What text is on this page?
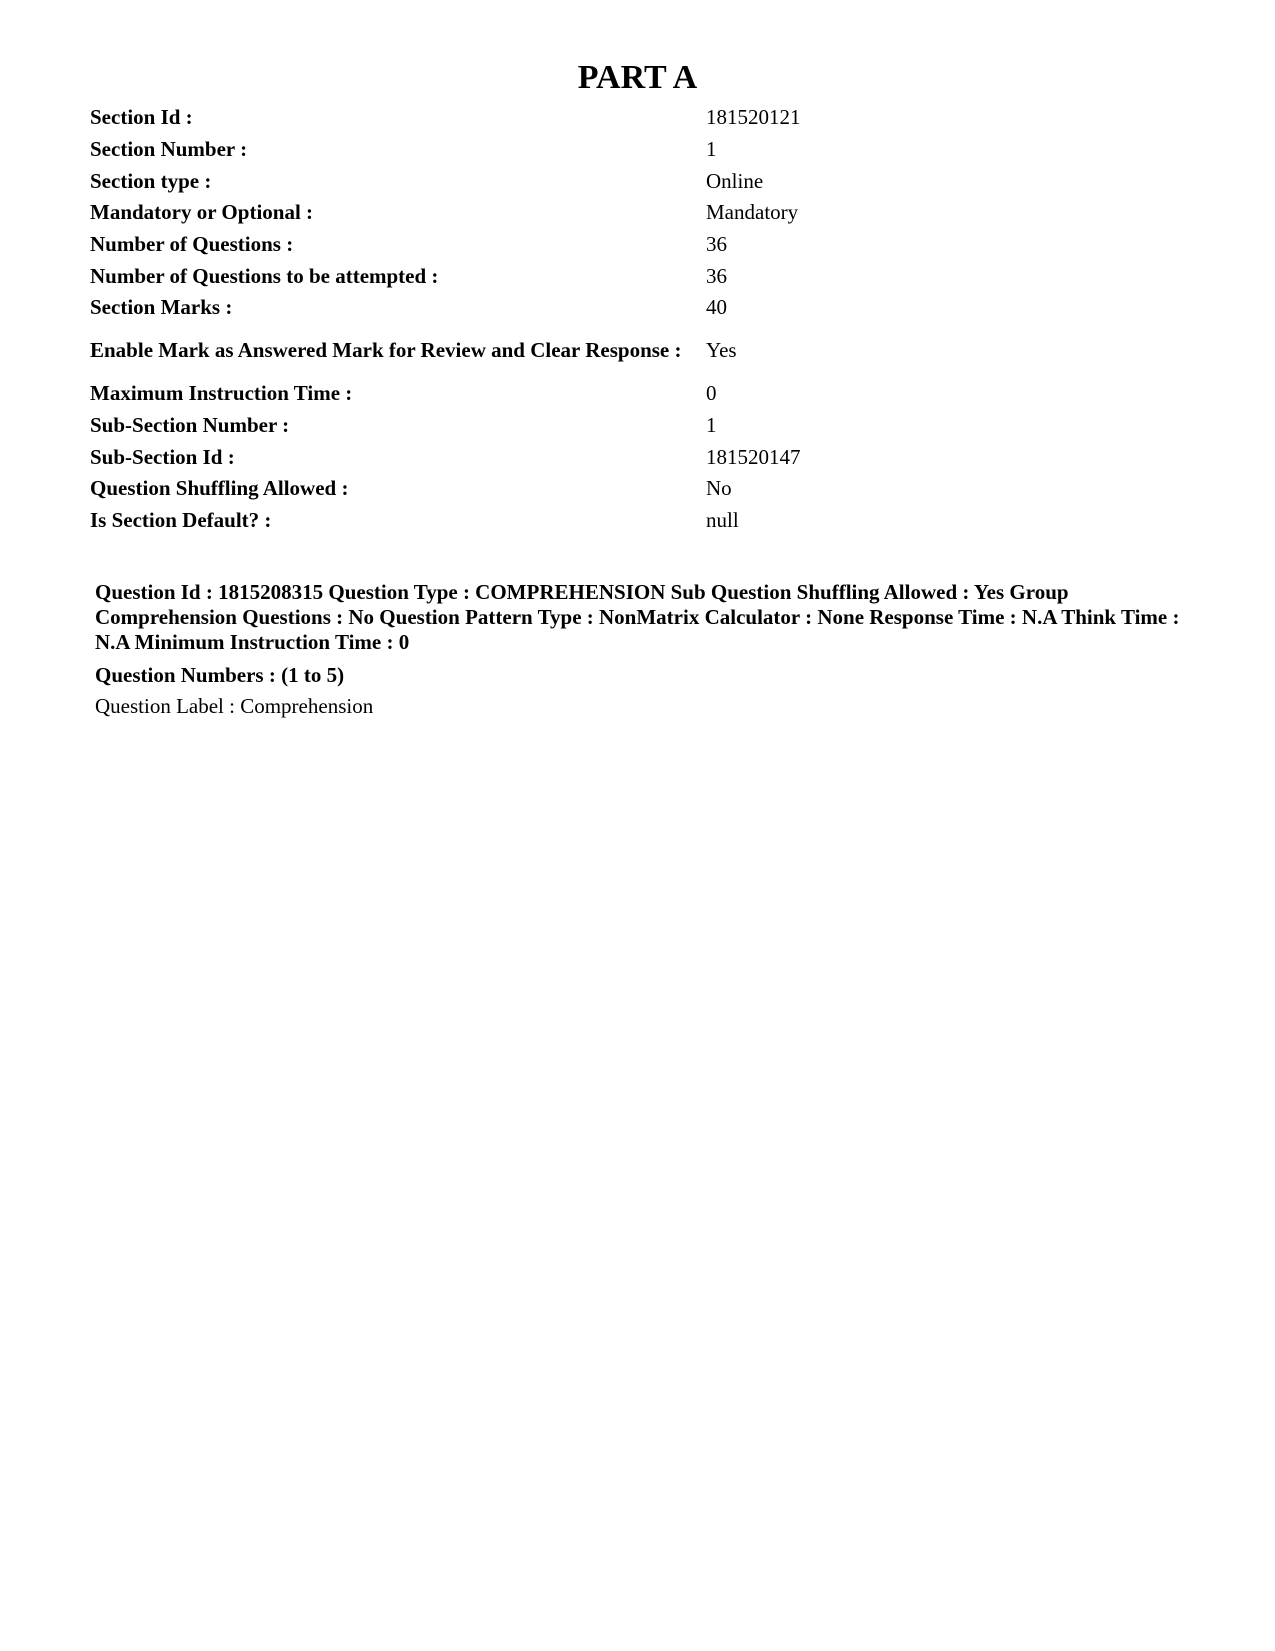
PART A
Section Id :	181520121
Section Number :	1
Section type :	Online
Mandatory or Optional :	Mandatory
Number of Questions :	36
Number of Questions to be attempted :	36
Section Marks :	40
Enable Mark as Answered Mark for Review and Clear Response :	Yes
Maximum Instruction Time :	0
Sub-Section Number :	1
Sub-Section Id :	181520147
Question Shuffling Allowed :	No
Is Section Default? :	null

Question Id : 1815208315 Question Type : COMPREHENSION Sub Question Shuffling Allowed : Yes Group Comprehension Questions : No Question Pattern Type : NonMatrix Calculator : None Response Time : N.A Think Time : N.A Minimum Instruction Time : 0

Question Numbers : (1 to 5)

Question Label : Comprehension
